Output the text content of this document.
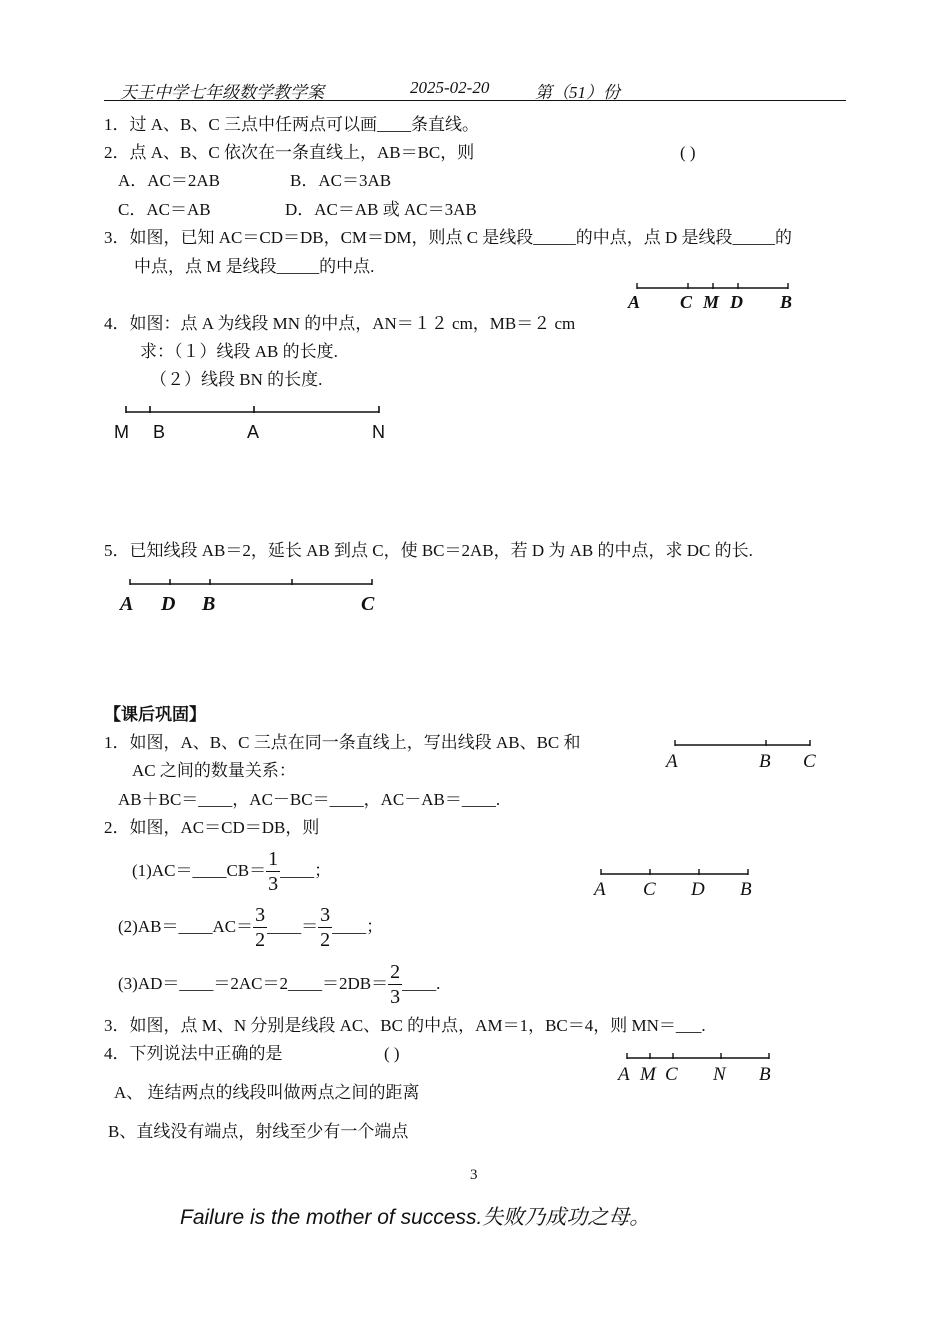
天王中学七年级数学教学案	2025-02-20	第（51）份
1．过 A、B、C 三点中任两点可以画____条直线。
2．点 A、B、C 依次在一条直线上，AB＝BC，则	( )
A．AC＝2AB	B．AC＝3AB
C．AC＝AB	D．AC＝AB 或 AC＝3AB
3．如图，已知 AC＝CD＝DB，CM＝DM，则点 C 是线段_____的中点，点 D 是线段_____的
中点，点 M 是线段_____的中点.
A C M D B
4．如图：点 A 为线段 MN 的中点，AN＝１２ cm，MB＝２ cm
求：（１）线段 AB 的长度.
（２）线段 BN 的长度.
M B	A	N
5．已知线段 AB＝2，延长 AB 到点 C，使 BC＝2AB，若 D 为 AB 的中点，求 DC 的长.
A D B	C
【课后巩固】
1．如图，A、B、C 三点在同一条直线上，写出线段 AB、BC 和
AC 之间的数量关系：
AB＋BC＝____，AC－BC＝____，AC－AB＝____.
A	B C
2．如图，AC＝CD＝DB，则
(1)AC＝____CB＝ $\frac{1}{3}$ ____；
(2)AB＝____AC＝ $\frac{3}{2}$ ____＝ $\frac{3}{2}$ ____；
(3)AD＝____＝2AC＝2____＝2DB＝ $\frac{2}{3}$ ____.
A C D B
3．如图，点 M、N 分别是线段 AC、BC 的中点，AM＝1，BC＝4，则 MN＝___.
4．下列说法中正确的是	( )
A、 连结两点的线段叫做两点之间的距离
B、直线没有端点，射线至少有一个端点
A M C N B
3
Failure is the mother of success.失败乃成功之母。
